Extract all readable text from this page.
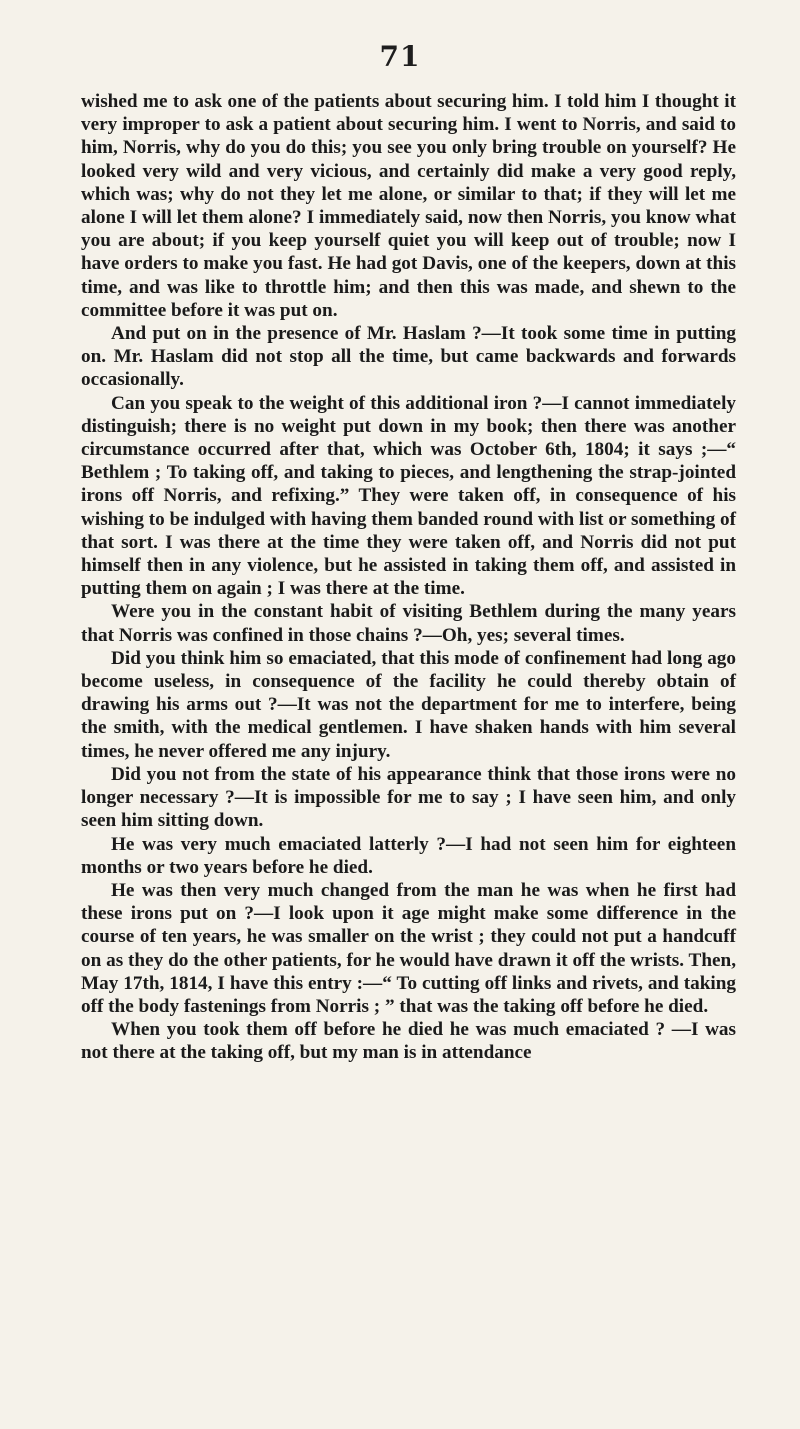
71

wished me to ask one of the patients about securing him. I told him I thought it very improper to ask a patient about securing him. I went to Norris, and said to him, Norris, why do you do this; you see you only bring trouble on yourself? He looked very wild and very vicious, and certainly did make a very good reply, which was; why do not they let me alone, or similar to that; if they will let me alone I will let them alone? I immediately said, now then Norris, you know what you are about; if you keep yourself quiet you will keep out of trouble; now I have orders to make you fast. He had got Davis, one of the keepers, down at this time, and was like to throttle him; and then this was made, and shewn to the committee before it was put on.

And put on in the presence of Mr. Haslam ?—It took some time in putting on. Mr. Haslam did not stop all the time, but came backwards and forwards occasionally.

Can you speak to the weight of this additional iron ?—I cannot immediately distinguish; there is no weight put down in my book; then there was another circumstance occurred after that, which was October 6th, 1804; it says ;—“ Bethlem ; To taking off, and taking to pieces, and lengthening the strap-jointed irons off Norris, and refixing.” They were taken off, in consequence of his wishing to be indulged with having them banded round with list or something of that sort. I was there at the time they were taken off, and Norris did not put himself then in any violence, but he assisted in taking them off, and assisted in putting them on again ; I was there at the time.

Were you in the constant habit of visiting Bethlem during the many years that Norris was confined in those chains ?—Oh, yes; several times.

Did you think him so emaciated, that this mode of confinement had long ago become useless, in consequence of the facility he could thereby obtain of drawing his arms out ?—It was not the department for me to interfere, being the smith, with the medical gentlemen. I have shaken hands with him several times, he never offered me any injury.

Did you not from the state of his appearance think that those irons were no longer necessary ?—It is impossible for me to say ; I have seen him, and only seen him sitting down.

He was very much emaciated latterly ?—I had not seen him for eighteen months or two years before he died.

He was then very much changed from the man he was when he first had these irons put on ?—I look upon it age might make some difference in the course of ten years, he was smaller on the wrist ; they could not put a handcuff on as they do the other patients, for he would have drawn it off the wrists. Then, May 17th, 1814, I have this entry :—“ To cutting off links and rivets, and taking off the body fastenings from Norris ; ” that was the taking off before he died.

When you took them off before he died he was much emaciated ? —I was not there at the taking off, but my man is in attendance
